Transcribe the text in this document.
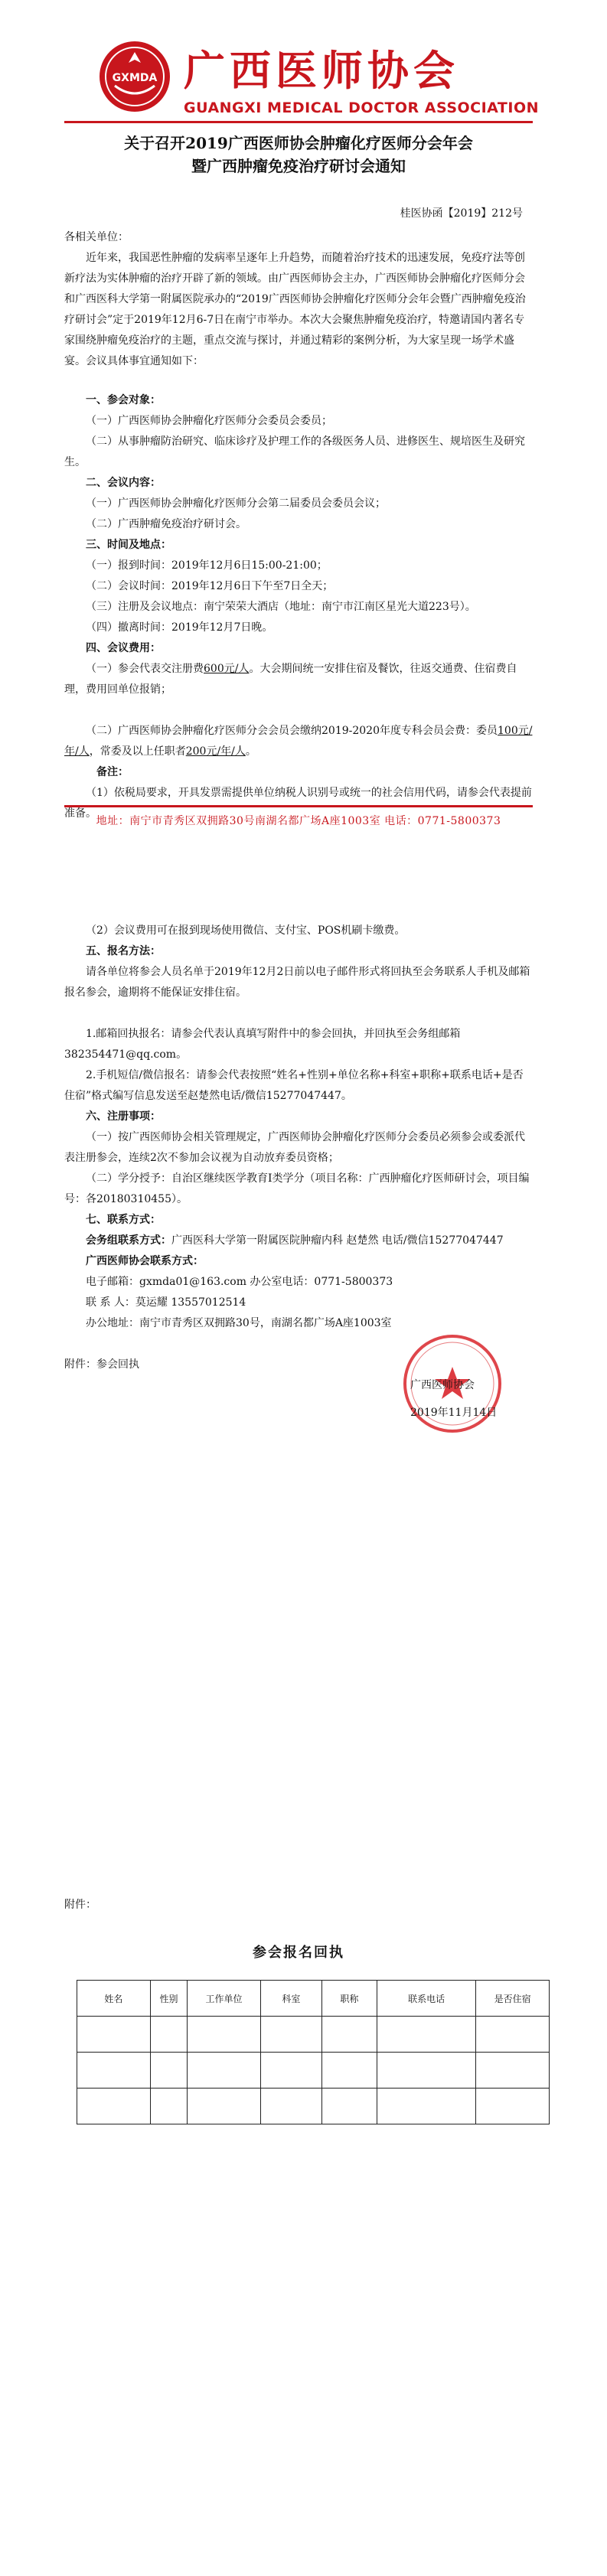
GXMDA 广西医师协会
GUANGXI MEDICAL DOCTOR ASSOCIATION
关于召开2019广西医师协会肿瘤化疗医师分会年会
暨广西肿瘤免疫治疗研讨会通知
桂医协函【2019】212号
各相关单位：
近年来，我国恶性肿瘤的发病率呈逐年上升趋势，而随着治疗技术的迅速发展，免疫疗法等创新疗法为实体肿瘤的治疗开辟了新的领域。由广西医师协会主办，广西医师协会肿瘤化疗医师分会和广西医科大学第一附属医院承办的“2019广西医师协会肿瘤化疗医师分会年会暨广西肿瘤免疫治疗研讨会”定于2019年12月6-7日在南宁市举办。本次大会聚焦肿瘤免疫治疗，特邀请国内著名专家围绕肿瘤免疫治疗的主题，重点交流与探讨，并通过精彩的案例分析，为大家呈现一场学术盛宴。会议具体事宜通知如下：
一、参会对象：
（一）广西医师协会肿瘤化疗医师分会委员会委员；
（二）从事肿瘤防治研究、临床诊疗及护理工作的各级医务人员、进修医生、规培医生及研究生。
二、会议内容：
（一）广西医师协会肿瘤化疗医师分会第二届委员会委员会议；
（二）广西肿瘤免疫治疗研讨会。
三、时间及地点：
（一）报到时间：2019年12月6日15:00-21:00；
（二）会议时间：2019年12月6日下午至7日全天；
（三）注册及会议地点：南宁荣荣大酒店（地址：南宁市江南区星光大道223号）。
（四）撤离时间：2019年12月7日晚。
四、会议费用：
（一）参会代表交注册费600元/人。大会期间统一安排住宿及餐饮，往返交通费、住宿费自理，费用回单位报销；
（二）广西医师协会肿瘤化疗医师分会会员会缴纳2019-2020年度专科会员会费：委员100元/年/人，常委及以上任职者200元/年/人。
备注：
（1）依税局要求，开具发票需提供单位纳税人识别号或统一的社会信用代码，请参会代表提前准备。
地址：南宁市青秀区双拥路30号南湖名都广场A座1003室 电话：0771-5800373
（2）会议费用可在报到现场使用微信、支付宝、POS机刷卡缴费。
五、报名方法：
请各单位将参会人员名单于2019年12月2日前以电子邮件形式将回执至会务联系人手机及邮箱报名参会，逾期将不能保证安排住宿。
1.邮箱回执报名：请参会代表认真填写附件中的参会回执，并回执至会务组邮箱382354471@qq.com。
2.手机短信/微信报名：请参会代表按照“姓名+性别+单位名称+科室+职称+联系电话+是否住宿”格式编写信息发送至赵楚然电话/微信15277047447。
六、注册事项：
（一）按广西医师协会相关管理规定，广西医师协会肿瘤化疗医师分会委员必须参会或委派代表注册参会，连续2次不参加会议视为自动放弃委员资格；
（二）学分授予：自治区继续医学教育I类学分（项目名称：广西肿瘤化疗医师研讨会，项目编号：各20180310455）。
七、联系方式：
会务组联系方式：广西医科大学第一附属医院肿瘤内科 赵楚然 电话/微信15277047447
广西医师协会联系方式：
电子邮箱：gxmda01@163.com 办公室电话：0771-5800373
联 系 人：莫运耀 13557012514
办公地址：南宁市青秀区双拥路30号，南湖名都广场A座1003室
附件：参会回执
广西医师协会
2019年11月14日
附件：
参会报名回执
姓名	性别	工作单位	科室	职称	联系电话	是否住宿
